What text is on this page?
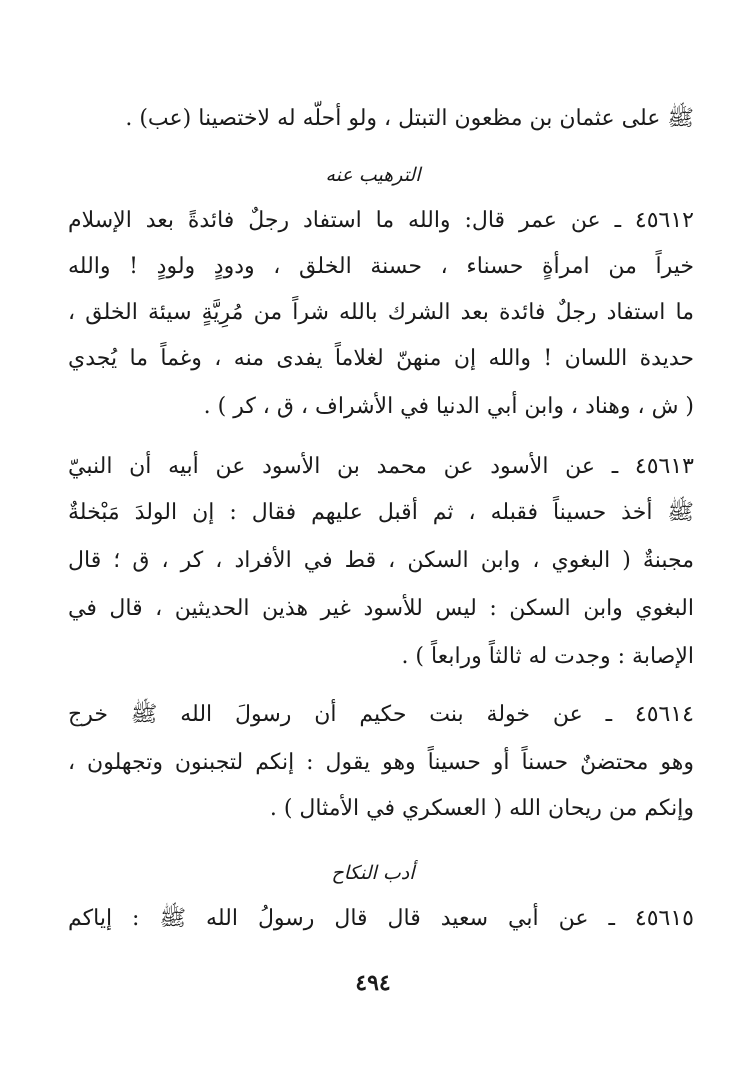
ﷺ على عثمان بن مظعون التبتل ، ولو أحلّه له لاختصينا (عب) .
الترهيب عنه
٤٥٦١٢ ـ عن عمر قال: والله ما استفاد رجلٌ فائدةً بعد الإسلام
خيراً من امرأةٍ حسناء ، حسنة الخلق ، ودودٍ ولودٍ ! والله
ما استفاد رجلٌ فائدة بعد الشرك بالله شراً من مُرِيَّةٍ سيئة الخلق ،
حديدة اللسان ! والله إن منهنّ لغلاماً يفدى منه ، وغماً ما يُجدي
( ش ، وهناد ، وابن أبي الدنيا في الأشراف ، ق ، كر ) .
٤٥٦١٣ ـ عن الأسود عن محمد بن الأسود عن أبيه أن النبيّ
ﷺ أخذ حسيناً فقبله ، ثم أقبل عليهم فقال : إن الولدَ مَبْخلةٌ
مجبنةٌ ( البغوي ، وابن السكن ، قط في الأفراد ، كر ، ق ؛ قال
البغوي وابن السكن : ليس للأسود غير هذين الحديثين ، قال في
الإصابة : وجدت له ثالثاً ورابعاً ) .
٤٥٦١٤ ـ عن خولة بنت حكيم أن رسولَ الله ﷺ خرج
وهو محتضنٌ حسناً أو حسيناً وهو يقول : إنكم لتجبنون وتجهلون ،
وإنكم من ريحان الله ( العسكري في الأمثال ) .
أدب النكاح
٤٥٦١٥ ـ عن أبي سعيد قال قال رسولُ الله ﷺ : إياكم
٤٩٤
